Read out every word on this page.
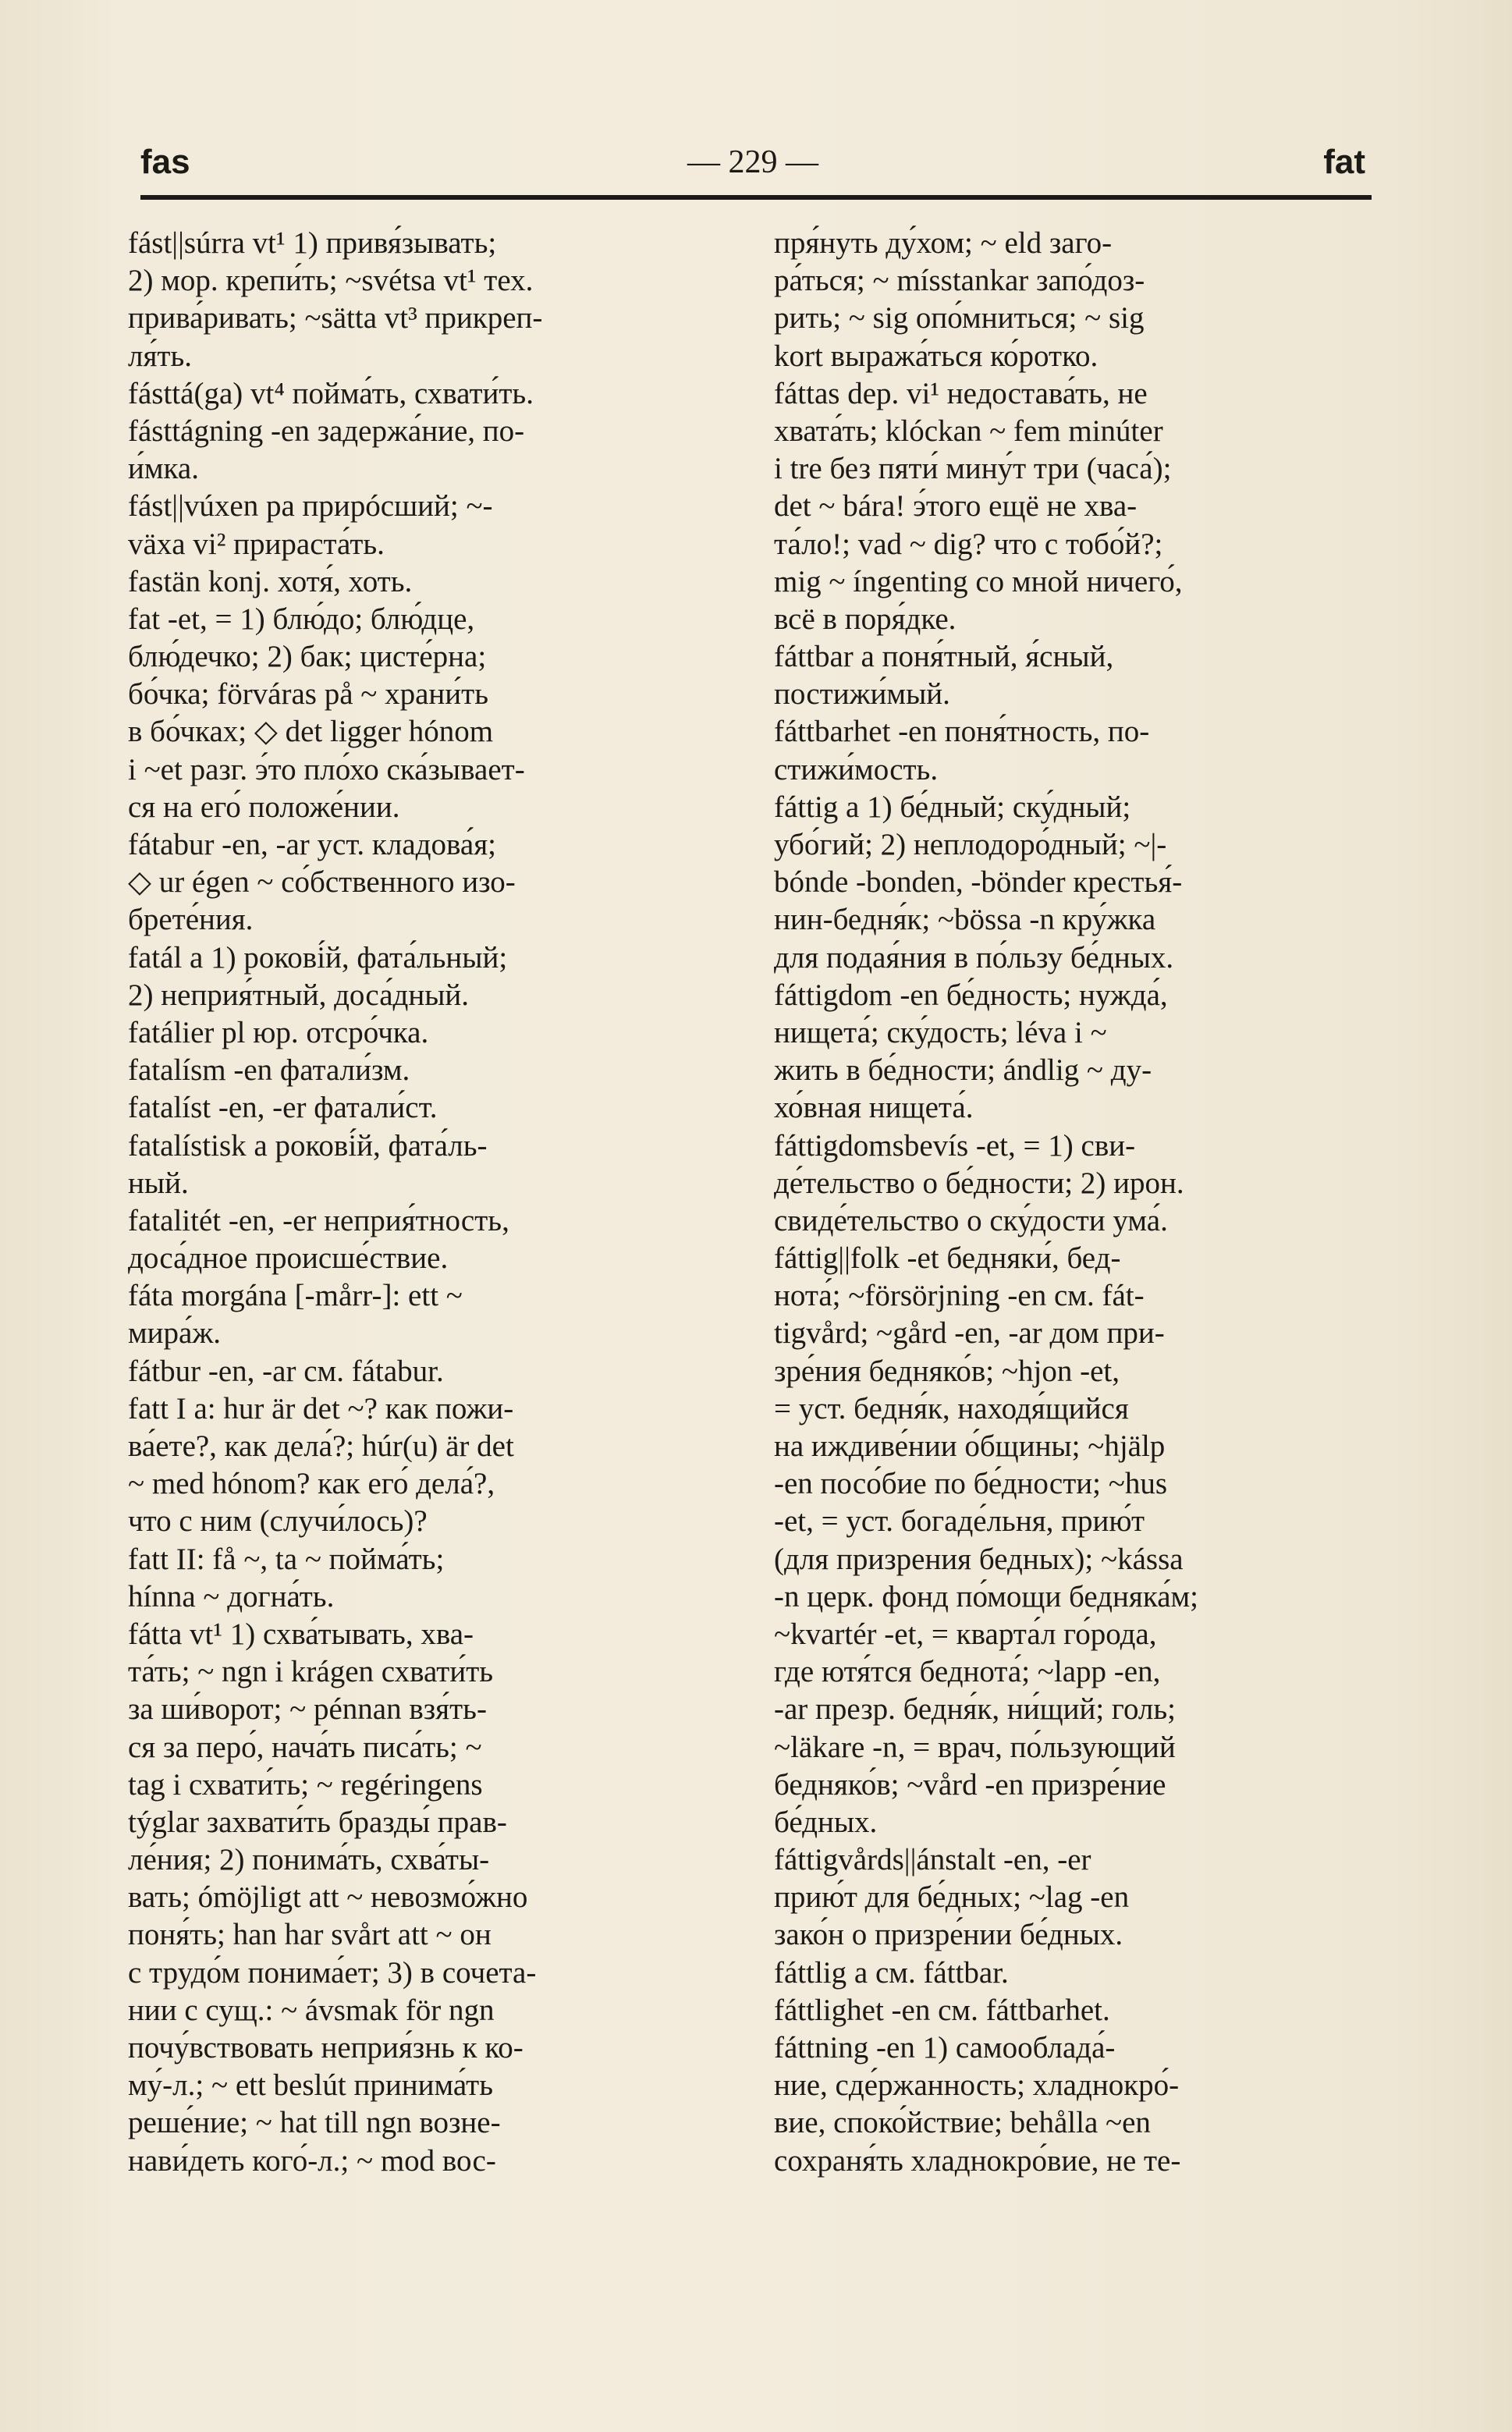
— 229 —
fas	fat
fást||súrra vt¹ 1) привя́зывать;
2) мор. крепи́ть; ~svétsa vt¹ тех.
прива́ривать; ~sätta vt³ прикреп-
ля́ть.
fásttá(ga) vt⁴ пойма́ть, схвати́ть.
fásttágning -en задержа́ние, по-
и́мка.
fást||vúxen pa прирóсший; ~-
växa vi² прираста́ть.
fastän konj. хотя́, хоть.
fat -et, = 1) блю́до; блю́дце,
блю́дечко; 2) бак; цисте́рна;
бо́чка; förváras på ~ храни́ть
в бо́чках; ◇ det ligger hónom
i ~et разг. э́то пло́хо ска́зывает-
ся на его́ положе́нии.
fátabur -en, -ar уст. кладова́я;
◇ ur égen ~ со́бственного изо-
брете́ния.
fatál a 1) рокові́й, фата́льный;
2) неприя́тный, доса́дный.
fatálier pl юр. отсро́чка.
fatalísm -en фатали́зм.
fatalíst -en, -er фатали́ст.
fatalístisk a рокові́й, фата́ль-
ный.
fatalitét -en, -er неприя́тность,
доса́дное происше́ствие.
fáta morgána [-mårr-]: ett ~
мира́ж.
fátbur -en, -ar см. fátabur.
fatt I a: hur är det ~? как пожи-
ва́ете?, как дела́?; húr(u) är det
~ med hónom? как его́ дела́?,
что с ним (случи́лось)?
fatt II: få ~, ta ~ пойма́ть;
hínna ~ догна́ть.
fátta vt¹ 1) схва́тывать, хва-
та́ть; ~ ngn i krágen схвати́ть
за ши́ворот; ~ pénnan взя́ть-
ся за перо́, нача́ть писа́ть; ~
tag i схвати́ть; ~ regéringens
týglar захвати́ть бразды́ прав-
ле́ния; 2) понима́ть, схва́ты-
вать; ómöjligt att ~ невозмо́жно
поня́ть; han har svårt att ~ он
с трудо́м понима́ет; 3) в сочета-
нии с сущ.: ~ ávsmak för ngn
почу́вствовать неприя́знь к ко-
му́-л.; ~ ett beslút принима́ть
реше́ние; ~ hat till ngn возне-
нави́деть кого́-л.; ~ mod вос-
пря́нуть ду́хом; ~ eld заго-
ра́ться; ~ mísstankar запо́доз-
рить; ~ sig опо́мниться; ~ sig
kort выража́ться ко́ротко.
fáttas dep. vi¹ недостава́ть, не
хвата́ть; klóckan ~ fem minúter
i tre без пяти́ мину́т три (часа́);
det ~ bára! э́того ещё не хва-
та́ло!; vad ~ dig? что с тобо́й?;
mig ~ íngenting со мной ничего́,
всё в поря́дке.
fáttbar a поня́тный, я́сный,
постижи́мый.
fáttbarhet -en поня́тность, по-
стижи́мость.
fáttig a 1) бе́дный; ску́дный;
убо́гий; 2) неплодоро́дный; ~|-
bónde -bonden, -bönder крестья́-
нин-бедня́к; ~bössa -n кру́жка
для подая́ния в по́льзу бе́дных.
fáttigdom -en бе́дность; нужда́,
нищета́; ску́дость; léva i ~
жить в бе́дности; ándlig ~ ду-
хо́вная нищета́.
fáttigdomsbevís -et, = 1) сви-
де́тельство о бе́дности; 2) ирон.
свиде́тельство о ску́дости ума́.
fáttig||folk -et бедняки́, бед-
нота́; ~försörjning -en см. fát-
tigvård; ~gård -en, -ar дом при-
зре́ния бедняко́в; ~hjon -et,
= уст. бедня́к, находя́щийся
на иждиве́нии о́бщины; ~hjälp
-en посо́бие по бе́дности; ~hus
-et, = уст. богаде́льня, прию́т
(для призрения бедных); ~kássa
-n церк. фонд по́мощи бедняка́м;
~kvartér -et, = кварта́л го́рода,
где ютя́тся беднота́; ~lapp -en,
-ar презр. бедня́к, ни́щий; голь;
~läkare -n, = врач, по́льзующий
бедняко́в; ~vård -en призре́ние
бе́дных.
fáttigvårds||ánstalt -en, -er
прию́т для бе́дных; ~lag -en
зако́н о призре́нии бе́дных.
fáttlig a см. fáttbar.
fáttlighet -en см. fáttbarhet.
fáttning -en 1) самооблада́-
ние, сде́ржанность; хладнокро́-
вие, споко́йствие; behålla ~en
сохраня́ть хладнокро́вие, не те-
